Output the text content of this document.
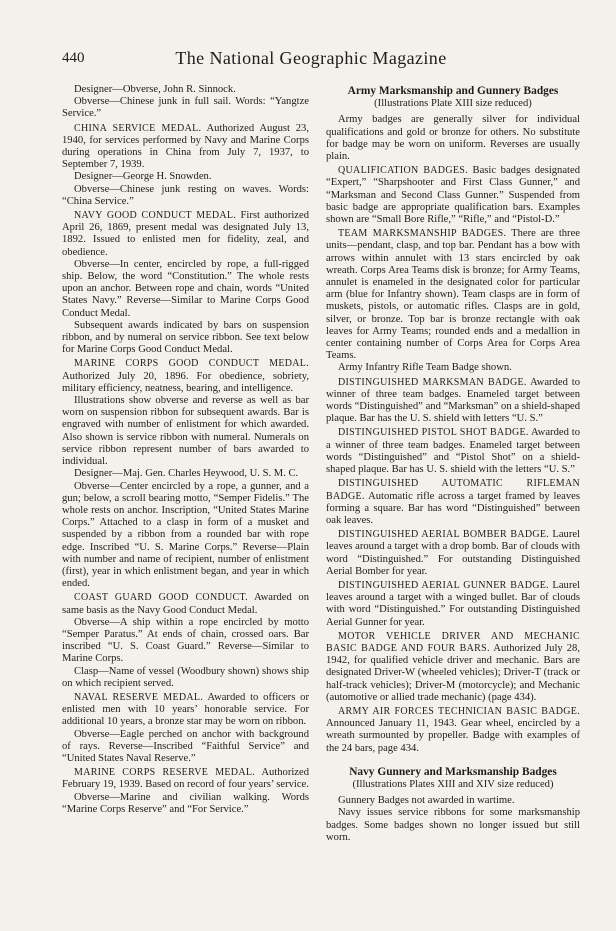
440	The National Geographic Magazine

Designer—Obverse, John R. Sinnock.

Obverse—Chinese junk in full sail. Words: “Yangtze Service.”

CHINA SERVICE MEDAL. Authorized August 23, 1940, for services performed by Navy and Marine Corps during operations in China from July 7, 1937, to September 7, 1939.

Designer—George H. Snowden.

Obverse—Chinese junk resting on waves. Words: “China Service.”

NAVY GOOD CONDUCT MEDAL. First authorized April 26, 1869, present medal was designated July 13, 1892. Issued to enlisted men for fidelity, zeal, and obedience.

Obverse—In center, encircled by rope, a full-rigged ship. Below, the word “Constitution.” The whole rests upon an anchor. Between rope and chain, words “United States Navy.” Reverse—Similar to Marine Corps Good Conduct Medal.

Subsequent awards indicated by bars on suspension ribbon, and by numeral on service ribbon. See text below for Marine Corps Good Conduct Medal.

MARINE CORPS GOOD CONDUCT MEDAL. Authorized July 20, 1896. For obedience, sobriety, military efficiency, neatness, bearing, and intelligence.

Illustrations show obverse and reverse as well as bar worn on suspension ribbon for subsequent awards. Bar is engraved with number of enlistment for which awarded. Also shown is service ribbon with numeral. Numerals on service ribbon represent number of bars awarded to individual.

Designer—Maj. Gen. Charles Heywood, U. S. M. C.

Obverse—Center encircled by a rope, a gunner, and a gun; below, a scroll bearing motto, “Semper Fidelis.” The whole rests on anchor. Inscription, “United States Marine Corps.” Attached to a clasp in form of a musket and suspended by a ribbon from a rounded bar with rope edge. Inscribed “U. S. Marine Corps.” Reverse—Plain with number and name of recipient, number of enlistment (first), year in which enlistment began, and year in which ended.

COAST GUARD GOOD CONDUCT. Awarded on same basis as the Navy Good Conduct Medal.

Obverse—A ship within a rope encircled by motto “Semper Paratus.” At ends of chain, crossed oars. Bar inscribed “U. S. Coast Guard.” Reverse—Similar to Marine Corps.

Clasp—Name of vessel (Woodbury shown) shows ship on which recipient served.

NAVAL RESERVE MEDAL. Awarded to officers or enlisted men with 10 years’ honorable service. For additional 10 years, a bronze star may be worn on ribbon.

Obverse—Eagle perched on anchor with background of rays. Reverse—Inscribed “Faithful Service” and “United States Naval Reserve.”

MARINE CORPS RESERVE MEDAL. Authorized February 19, 1939. Based on record of four years’ service.

Obverse—Marine and civilian walking. Words “Marine Corps Reserve” and “For Service.”

Army Marksmanship and Gunnery Badges
(Illustrations Plate XIII size reduced)

Army badges are generally silver for individual qualifications and gold or bronze for others. No substitute for badge may be worn on uniform. Reverses are usually plain.

QUALIFICATION BADGES. Basic badges designated “Expert,” “Sharpshooter and First Class Gunner,” and “Marksman and Second Class Gunner.” Suspended from basic badge are appropriate qualification bars. Examples shown are “Small Bore Rifle,” “Rifle,” and “Pistol-D.”

TEAM MARKSMANSHIP BADGES. There are three units—pendant, clasp, and top bar. Pendant has a bow with arrows within annulet with 13 stars encircled by oak wreath. Corps Area Teams disk is bronze; for Army Teams, annulet is enameled in the designated color for particular arm (blue for Infantry shown). Team clasps are in form of muskets, pistols, or automatic rifles. Clasps are in gold, silver, or bronze. Top bar is bronze rectangle with oak leaves for Army Teams; rounded ends and a medallion in center containing number of Corps Area for Corps Area Teams.

Army Infantry Rifle Team Badge shown.

DISTINGUISHED MARKSMAN BADGE. Awarded to winner of three team badges. Enameled target between words “Distinguished” and “Marksman” on a shield-shaped plaque. Bar has the U. S. shield with letters “U. S.”

DISTINGUISHED PISTOL SHOT BADGE. Awarded to a winner of three team badges. Enameled target between words “Distinguished” and “Pistol Shot” on a shield-shaped plaque. Bar has U. S. shield with the letters “U. S.”

DISTINGUISHED AUTOMATIC RIFLEMAN BADGE. Automatic rifle across a target framed by leaves forming a square. Bar has word “Distinguished” between oak leaves.

DISTINGUISHED AERIAL BOMBER BADGE. Laurel leaves around a target with a drop bomb. Bar of clouds with word “Distinguished.” For outstanding Distinguished Aerial Bomber for year.

DISTINGUISHED AERIAL GUNNER BADGE. Laurel leaves around a target with a winged bullet. Bar of clouds with word “Distinguished.” For outstanding Distinguished Aerial Gunner for year.

MOTOR VEHICLE DRIVER AND MECHANIC BASIC BADGE AND FOUR BARS. Authorized July 28, 1942, for qualified vehicle driver and mechanic. Bars are designated Driver-W (wheeled vehicles); Driver-T (track or half-track vehicles); Driver-M (motorcycle); and Mechanic (automotive or allied trade mechanic) (page 434).

ARMY AIR FORCES TECHNICIAN BASIC BADGE. Announced January 11, 1943. Gear wheel, encircled by a wreath surmounted by propeller. Badge with examples of the 24 bars, page 434.

Navy Gunnery and Marksmanship Badges
(Illustrations Plates XIII and XIV size reduced)

Gunnery Badges not awarded in wartime.

Navy issues service ribbons for some marksmanship badges. Some badges shown no longer issued but still worn.
